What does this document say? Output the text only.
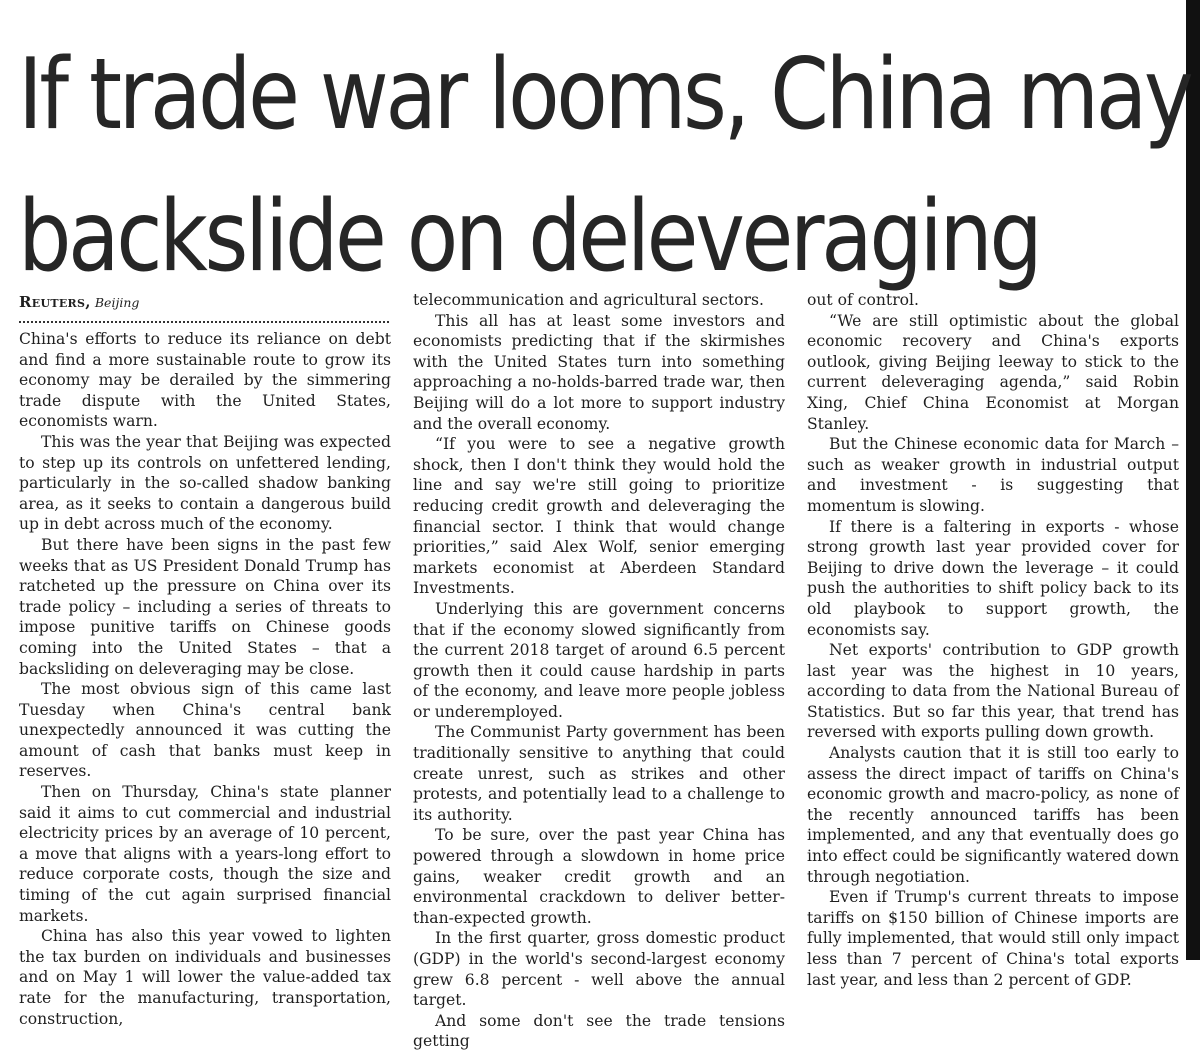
If trade war looms, China may
backslide on deleveraging
Reuters, Beijing

China's efforts to reduce its reliance on debt and find a more sustainable route to grow its economy may be derailed by the simmering trade dispute with the United States, economists warn.

This was the year that Beijing was expected to step up its controls on unfettered lending, particularly in the so-called shadow banking area, as it seeks to contain a dangerous build up in debt across much of the economy.

But there have been signs in the past few weeks that as US President Donald Trump has ratcheted up the pressure on China over its trade policy – including a series of threats to impose punitive tariffs on Chinese goods coming into the United States – that a backsliding on deleveraging may be close.

The most obvious sign of this came last Tuesday when China's central bank unexpectedly announced it was cutting the amount of cash that banks must keep in reserves.

Then on Thursday, China's state planner said it aims to cut commercial and industrial electricity prices by an average of 10 percent, a move that aligns with a years-long effort to reduce corporate costs, though the size and timing of the cut again surprised financial markets.

China has also this year vowed to lighten the tax burden on individuals and businesses and on May 1 will lower the value-added tax rate for the manufacturing, transportation, construction,

telecommunication and agricultural sectors.

This all has at least some investors and economists predicting that if the skirmishes with the United States turn into something approaching a no-holds-barred trade war, then Beijing will do a lot more to support industry and the overall economy.

“If you were to see a negative growth shock, then I don't think they would hold the line and say we're still going to prioritize reducing credit growth and deleveraging the financial sector. I think that would change priorities,” said Alex Wolf, senior emerging markets economist at Aberdeen Standard Investments.

Underlying this are government concerns that if the economy slowed significantly from the current 2018 target of around 6.5 percent growth then it could cause hardship in parts of the economy, and leave more people jobless or underemployed.

The Communist Party government has been traditionally sensitive to anything that could create unrest, such as strikes and other protests, and potentially lead to a challenge to its authority.

To be sure, over the past year China has powered through a slowdown in home price gains, weaker credit growth and an environmental crackdown to deliver better-than-expected growth.

In the first quarter, gross domestic product (GDP) in the world's second-largest economy grew 6.8 percent - well above the annual target.

And some don't see the trade tensions getting

out of control.

“We are still optimistic about the global economic recovery and China's exports outlook, giving Beijing leeway to stick to the current deleveraging agenda,” said Robin Xing, Chief China Economist at Morgan Stanley.

But the Chinese economic data for March – such as weaker growth in industrial output and investment - is suggesting that momentum is slowing.

If there is a faltering in exports - whose strong growth last year provided cover for Beijing to drive down the leverage – it could push the authorities to shift policy back to its old playbook to support growth, the economists say.

Net exports' contribution to GDP growth last year was the highest in 10 years, according to data from the National Bureau of Statistics. But so far this year, that trend has reversed with exports pulling down growth.

Analysts caution that it is still too early to assess the direct impact of tariffs on China's economic growth and macro-policy, as none of the recently announced tariffs has been implemented, and any that eventually does go into effect could be significantly watered down through negotiation.

Even if Trump's current threats to impose tariffs on $150 billion of Chinese imports are fully implemented, that would still only impact less than 7 percent of China's total exports last year, and less than 2 percent of GDP.
